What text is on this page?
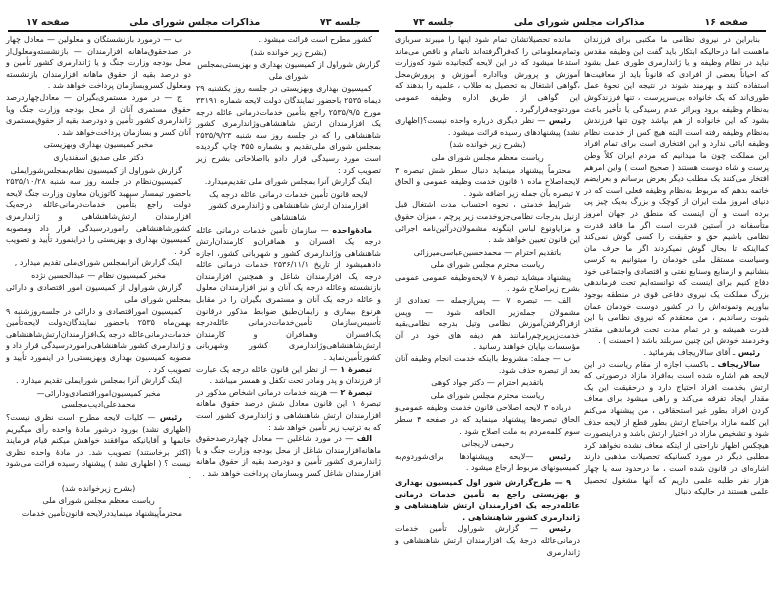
جلسه ۷۳
مذاکرات مجلس شورای ملی
صفحه ۱۷

کشور مطرح است قرائت میشود .

(بشرح زیر خوانده شد)

گزارش شوراول از کمیسیون بهداری و بهزیستی‌بمجلس شورای ملی

کمیسیون بهداری وبهزیستی در جلسه روز یکشنبه ۲۹ دیماه ۲۵۳۵ باحضور نمایندگان دولت لایحه شماره ۳۳۱۹۱ مورخ ۲۵۳۵/۹/۵ راجع بتأمین خدمات‌درمانی عائله درجه یک افزارمندان ارتش شاهنشاهی‌وژاندارمری کشور شاهنشاهی را که در جلسه روز سه شنبه ۲۵۳۵/۹/۲۳ بمجلس شورای ملی‌تقدیم و بشماره ۴۵۵ چاپ گردیده است مورد رسیدگی قرار دادو بااصلاحاتی بشرح زیر تصویب کرد :

اینک گزارش آنرا بمجلس شورای ملی تقدیم‌میدارد.

لایحه قانون تأمین خدمات درمانی عائله درجه یک افزارمندان ارتش شاهنشاهی و ژاندارمری کشور شاهنشاهی

مادهٔ‌واحده — سازمان تأمین خدمات درمانی عائله درجه یک افسران و همافران‌و کارمندان‌ارتش شاهنشاهی وژاندارمری کشور و شهربانی کشور، اجازه دادهمیشود از تاریخ ۲۵۳۶/۱۱/۱ خدمات درمانی عائله درجه یک افزارمندان شاغل و همچنین افزارمندان بازنشسته وعائله درجه یک آنان و نیز افزارمندان معلول و عائله درجه یک آنان و مستمری بگیران را در مقابل هرنوع بیماری و زایمان‌طبق ضوابط مذکور درقانون تأسیس‌سازمان تأمین‌خدمات‌درمانی عائله‌درجه یک‌افسران وهمافران و کارمندان ارتش‌شاهنشاهی‌وژاندارمری کشور وشهربانی کشورتأمین‌نماید .

تبصرهٔ ۱ — از نظر این قانون عائله درجه یک عبارت از فرزندان و پدر ومادر تحت تکفل و همسر میباشد .

تبصرهٔ ۲ — هزینه خدمات درمانی اشخاص مذکور در تبصرهٔ ۱ این قانون معادل شش درصد حقوق ماهانه افزارمندان ارتش شاهنشاهی و ژاندارمری کشور است که به ترتیب زیر تأمین خواهد شد :

الف — در مورد شاغلین — معادل چهاردرصدحقوق ماهانه‌افزارمندان شاغل از محل بودجه وزارت جنگ و یا ژاندارمری کشور تأمین و دودرصد بقیه از حقوق ماهانه افزارمندان شاغل کسر وبسازمان پرداخت خواهد شد .

ب — درمورد بازنشستگان و معلولین — معادل چهار در صدحقوق‌ماهانه افزارمندان — بازنشسته‌ومعلول‌از محل بودجه وزارت جنگ و یا ژاندارمری کشور تأمین و دو درصد بقیه از حقوق ماهانه افزارمندان بازنشسته ومعلول کسروبسازمان پرداخت خواهد شد .

ج — در مورد مستمری‌بگیران — معادل‌چهاردرصد حقوق مستمری آنان از محل بودجه وزارت جنگ ویا ژاندارمری کشور تأمین و دودرصد بقیه از حقوق‌مستمری آنان کسر و بسازمان پرداخت‌خواهد شد .

مخبر کمیسیون بهداری وبهزیستی

دکتر علی صدیق اسفندیاری

گزارش شوراول از کمیسیون نظام‌بمجلس‌شورایملی

کمیسیون‌نظام در جلسه روز سه شنبه ۲۵۳۵/۱۰/۲۸ باحضور تیمسار سپهبد کاتوزیان معاون وزارت جنگ لایحه دولت راجع بتأمین خدمات‌درمانی‌عائله درجه‌یک افزارمندان ارتش‌شاهنشاهی و ژاندارمری کشورشاهنشاهی رامورد‌رسیدگی قرار داد ومصوبه کمیسیون بهداری و بهزیستی را دراینمورد تأیید و تصویب کرد .

اینک گزارش آنرابمجلس شورای‌ملی تقدیم میدارد ,

مخبر کمیسیون نظام — عبدالحسین نژده

گزارش شوراول از کمیسیون امور اقتصادی و دارائی بمجلس شورای ملی

کمیسیون اموراقتصادی و دارائی در جلسه‌روزشنبه ۹ بهمن‌ماه ۲۵۳۵ باحضور نمایندگان‌دولت لایحه‌تأمین خدمات‌درمانی‌عائله درجه یک‌افزارمندان‌ارتش‌شاهنشاهی و ژاندارمری کشور شاهنشاهی‌رامورد‌رسیدگی قرار داد و مصوبه کمیسیون بهداری وبهزیستی‌را در اینمورد تأیید و تصویب کرد .

اینک گزارش آنرا بمجلس شورایملی تقدیم میدارد .

مخبر کمیسیون‌اموراقتصادی‌ودارائی— محمدعلی‌ادیب‌مجلسی

رئیس — کلیات لایحه مطرح است نظری نیست؟ (اظهاری نشد) بورود درشور مادهٔ واحده رأی میگیریم خانمها و آقایانیکه موافقند خواهش میکنم قیام فرمایند (اکثر برخاستند) تصویب شد. در مادهٔ واحده نظری نیست ؟ ( اظهاری نشد ) پیشنهاد رسیده قرائت می‌شود .

(بشرح زیرخوانده شد)

ریاست معظم مجلس شورای ملی

محترماًپیشنهاد مینمایددرلایحه قانون‌تأمین خدمات

صفحه ۱۶
مذاکرات مجلس شورای ملی
جلسه ۷۳

بنابراین در نیروی نظامی ما مکتبی برای فرزندان ماهست اما درحالیکه ابتکار باید گفت این وظیفه مقدس نباید در نظام وظیفه و یا ژاندارمری طوری عمل بشود که احیاناً بعضی از افرادی که قانوناً باید از معافیت‌ها استفاده کنند و بهرمند شوند در نتیجه این نحوهٔ عمل طوری‌اند که یک خانواده بی‌سرپرست ، تنها فرزندکوش به‌نظام وظیفه برود وبراثر عدم رسیدگی یا تأخیر باعث بشود که این خانواده از هم بپاشد چون تنها فرزندش به‌نظام وظیفه رفته است البته هیچ کس از خدمت نظام وظیفه ابائی ندارد و این افتخاری است برای تمام افراد این مملکت چون ما میدانیم که مردم ایران کلاً وطن پرست و شاه دوست هستند ( صحیح است ) واین امرهم افتخار می‌کنند یک مطلب دیگر بعرض برسانم و بعرایضم خاتمه بدهم که مربوط به‌نظام وظیفه فعلی است که در دنیای امروز ملت ایران از کوچک و بزرگ به‌یک چیز پی برده است و آن اینست که منطق در جهان امروز متأسفانه در آستین قدرت است اگر ما فاقد قدرت نظامی باشیم حق و حقیقت را کسی گوش نمی‌کند کمااینکه تا بحال گوش نمیکردند اگر ما حرف مان وسیاست مستقل ملی خودمان را میتوانیم به کرسی بنشانیم و ازمنابع وسنابع نفتی و اقتصادی واجتماعی خود دفاع کنیم برای اینست که توانسته‌ایم تحت فرماندهی بزرگ مملکت یک نیروی دفاعی قوی در منطقه بوجود بیاوریم وتمونه‌اش را در کشور دوست خودمان عمان بثبوت رساندیم ، من معتقدم که نیروی نظامی با این قدرت همیشه و در تمام مدت تحت فرماندهی مقتدر وخردمند خودش این چنین سربلند باشد ( احسنت ) .

رئیس ـ آقای سالاریجاف بفرمائید .

سالاریجاف ـ باکسب اجازه از مقام ریاست در این لایحه هم اشاره شده است به‌افراد مازاد درصورتی که ارتش بخدمت افراد احتیاج دارد و درحقیقت این یک مقدار ایجاد تفرقه می‌کند و راهی میشود برای معاف کردن افراد بطور غیر استحقاقی ، من پیشنهاد می‌کنم این کلمه مازاد براحتیاج ارتش بطور قطع از لایحه حذف شود و تشخیص مازاد در اختیار ارتش باشد و دراینصورت هیچکس اظهار ناراحتی از اینکه معاف نشده نخواهد کرد مطلبی دیگر در مورد کسانیکه تحصیلات مذهبی دارند اشاره‌ای در قانون شده است ، ما درحدود سه یا چهار هزار نفر طلبه علمی داریم که آنها مشغول تحصیل علمی هستند در حالیکه دنبال

مانده تحصیلاتشان تمام شود اینها را میبرند سربازی وتمام‌معلوماتی را که‌فراگرفته‌اند ناتمام و ناقص می‌ماند استدعا میشود که در این لایحه گنجانیده شود که‌وزارت آموزش و پرورش وبا‌اداره آموزش و پرورش‌محل ،گواهی اشتغال به تحصیل به طلاب ، علمیه را بدهند که این گواهی از طریق اداره وظیفه عمومی موردتوجه‌قرارگیرد .

رئیس — نظر دیگری درباره واحده نیست؟(اظهاری نشد) پیشنهادهای رسیده قرائت میشود .

(بشرح زیر خوانده شد)

ریاست معظم مجلس شورای ملی

محترماً پیشنهاد مینماید دنبال سطر شش تبصره ۳ لایحه‌اصلاح ماده ۱ قانون خدمت وظیفه عمومی و الحاق ۷ تبصره بآن جمله زیر اضافه شود .

شرایط خدمتی ، نحوه احتساب مدت اشتغال قبل ازنیل بدرجات نظامی‌جزوخدمت زیر پرچم ، میزان حقوق و مزایاونوع لباس اینگونه مشمولان‌درآئین‌نامه اجرائی این قانون تعیین خواهد شد .

باتقدیم احترام — محمدحسین‌عباسی‌میرزائی

ریاست محترم مجلس شورای ملی

پیشنهاد میشاید تبصرهٔ ۷ لایحه‌وظیفه عمومی عمومی بشرح زیراصلاح شود .

الف — تبصره ۷ — پس‌ازجمله — تعدادی از مشمولان جمله‌زیر الحاقه شود — وپس ازفراگرفتن‌آموزش نظامی وتیل بدرجه نظامی‌بقیه خدمت‌زیرپرچم‌رامانند هم دیفه های خود در آن مؤسسات بپایان خواهند رسانید .

ب — جمله: مشروط بااینکه خدمت انجام وظیفه آنان بعد از تبصره حذف شود.

باتقدیم احترام — دکتر جواد کوهی

ریاست محترم مجلس شورای ملی

درباده ۳ لایحه اصلاحی قانون خدمت وظیفه عمومی‌و الحاق تبصره‌ها پیشنهاد مینماید که در صفحه ۴ سطر سوم کلمه‌مردم به ملت اصلاح شود .

رحیمی لاریجانی

رئیس —لایحه وپیشنهادها برای‌شوردوم‌به کمیسیونهای مربوط ارجاع میشود .

۹ — طرح‌گزارش شور اول کمیسیون بهداری و بهزیستی راجع به تأمین خدمات درمانی عائله‌درجه یک افزارمندان ارتش شاهنشاهی و ژاندارمری کشور شاهنشاهی .

رئیس — گزارش شوراول تأمین خدمات درمانی‌عائله درجهٔ یک افزارمندان ارتش شاهنشاهی و ژاندارمری
